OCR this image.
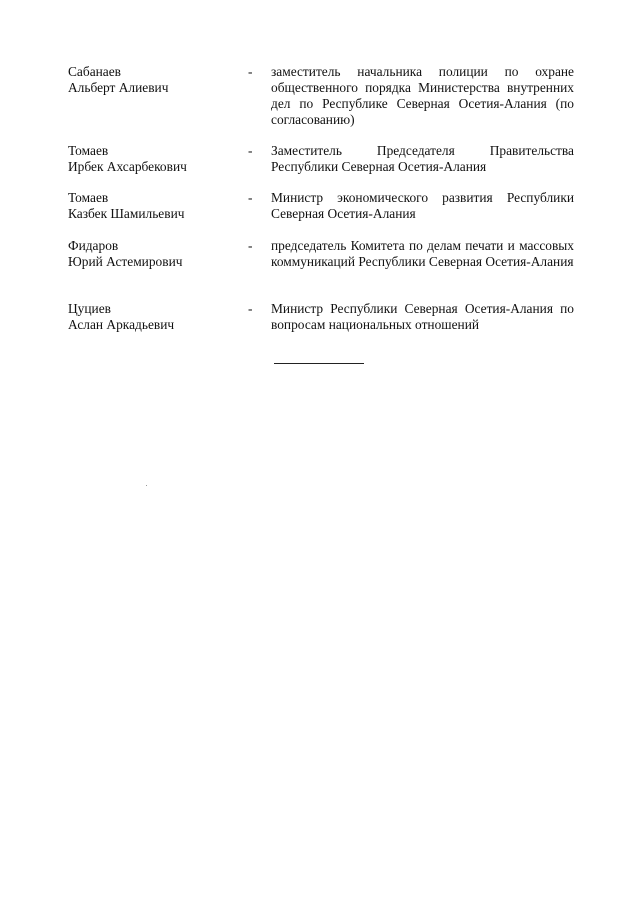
Сабанаев
Альберт Алиевич
- заместитель начальника полиции по охране общественного порядка Министерства внутренних дел по Республике Северная Осетия-Алания (по согласованию)
Томаев
Ирбек Ахсарбекович
- Заместитель Председателя Правительства Республики Северная Осетия-Алания
Томаев
Казбек Шамильевич
- Министр экономического развития Республики Северная Осетия-Алания
Фидаров
Юрий Астемирович
- председатель Комитета по делам печати и массовых коммуникаций Республики Северная Осетия-Алания
Цуциев
Аслан Аркадьевич
- Министр Республики Северная Осетия-Алания по вопросам национальных отношений
